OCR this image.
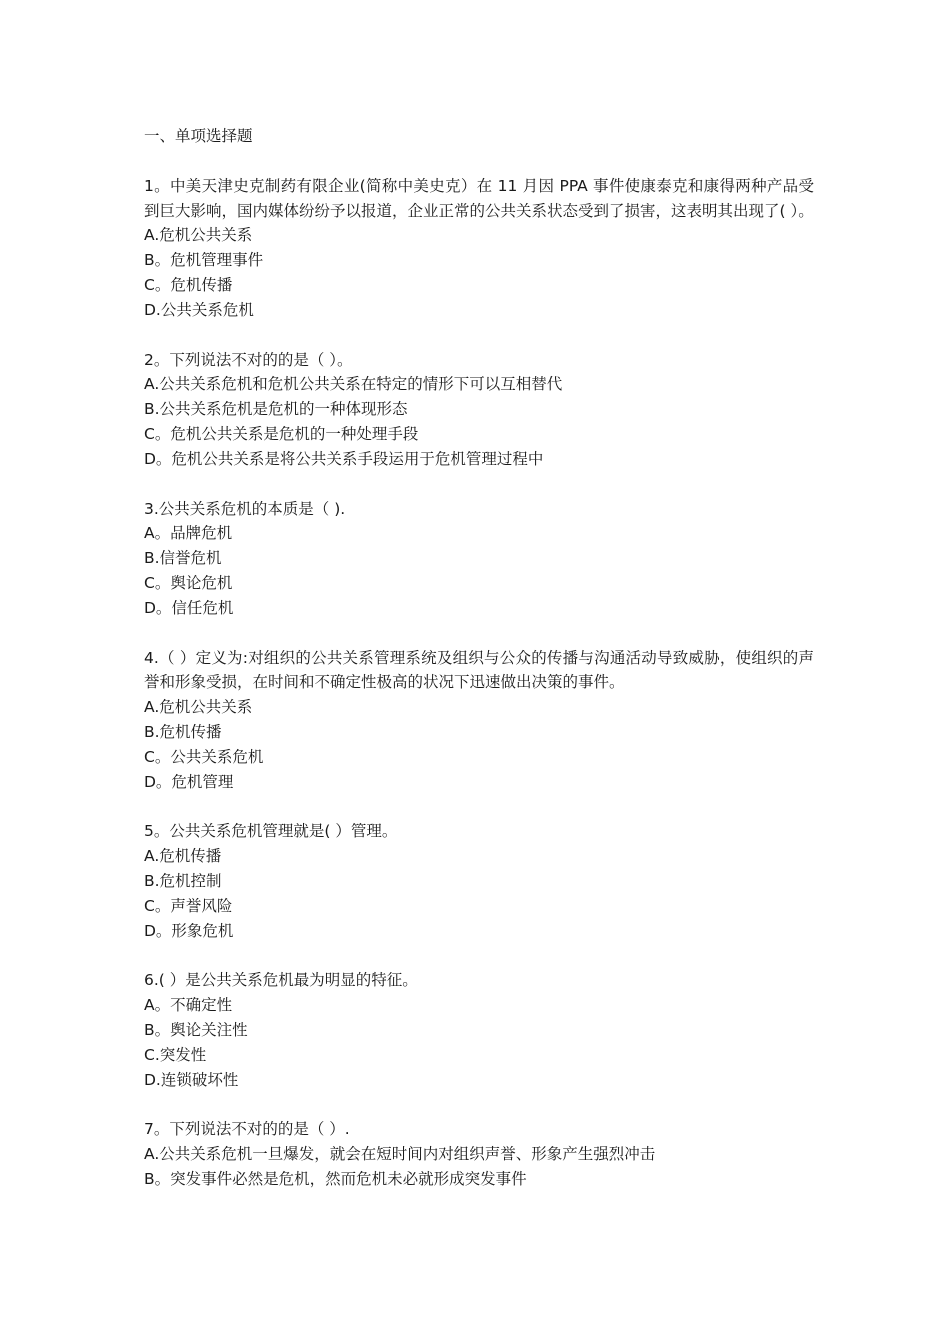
一、单项选择题

1。中美天津史克制药有限企业(简称中美史克）在 11 月因 PPA 事件使康泰克和康得两种产品受到巨大影响，国内媒体纷纷予以报道，企业正常的公共关系状态受到了损害，这表明其出现了( ）。

A.危机公共关系

B。危机管理事件

C。危机传播

D.公共关系危机

2。下列说法不对的的是（ ）。

A.公共关系危机和危机公共关系在特定的情形下可以互相替代

B.公共关系危机是危机的一种体现形态

C。危机公共关系是危机的一种处理手段

D。危机公共关系是将公共关系手段运用于危机管理过程中

3.公共关系危机的本质是（ ).

A。品牌危机

B.信誉危机

C。舆论危机

D。信任危机

4.（ ）定义为:对组织的公共关系管理系统及组织与公众的传播与沟通活动导致威胁，使组织的声誉和形象受损，在时间和不确定性极高的状况下迅速做出决策的事件。

A.危机公共关系

B.危机传播

C。公共关系危机

D。危机管理

5。公共关系危机管理就是( ）管理。

A.危机传播

B.危机控制

C。声誉风险

D。形象危机

6.( ）是公共关系危机最为明显的特征。

A。不确定性

B。舆论关注性

C.突发性

D.连锁破坏性

7。下列说法不对的的是（ ）.

A.公共关系危机一旦爆发，就会在短时间内对组织声誉、形象产生强烈冲击

B。突发事件必然是危机，然而危机未必就形成突发事件
